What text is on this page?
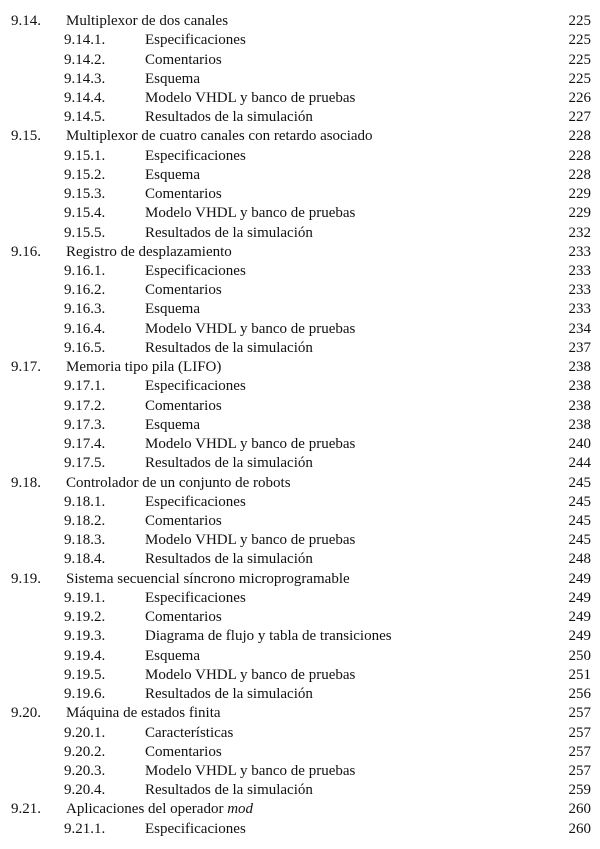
9.14. Multiplexor de dos canales	225
9.14.1.	Especificaciones	225
9.14.2.	Comentarios	225
9.14.3.	Esquema	225
9.14.4.	Modelo VHDL y banco de pruebas	226
9.14.5.	Resultados de la simulación	227
9.15. Multiplexor de cuatro canales con retardo asociado	228
9.15.1.	Especificaciones	228
9.15.2.	Esquema	228
9.15.3.	Comentarios	229
9.15.4.	Modelo VHDL y banco de pruebas	229
9.15.5.	Resultados de la simulación	232
9.16. Registro de desplazamiento	233
9.16.1.	Especificaciones	233
9.16.2.	Comentarios	233
9.16.3.	Esquema	233
9.16.4.	Modelo VHDL y banco de pruebas	234
9.16.5.	Resultados de la simulación	237
9.17. Memoria tipo pila (LIFO)	238
9.17.1.	Especificaciones	238
9.17.2.	Comentarios	238
9.17.3.	Esquema	238
9.17.4.	Modelo VHDL y banco de pruebas	240
9.17.5.	Resultados de la simulación	244
9.18. Controlador de un conjunto de robots	245
9.18.1.	Especificaciones	245
9.18.2.	Comentarios	245
9.18.3.	Modelo VHDL y banco de pruebas	245
9.18.4.	Resultados de la simulación	248
9.19. Sistema secuencial síncrono microprogramable	249
9.19.1.	Especificaciones	249
9.19.2.	Comentarios	249
9.19.3.	Diagrama de flujo y tabla de transiciones	249
9.19.4.	Esquema	250
9.19.5.	Modelo VHDL y banco de pruebas	251
9.19.6.	Resultados de la simulación	256
9.20. Máquina de estados finita	257
9.20.1.	Características	257
9.20.2.	Comentarios	257
9.20.3.	Modelo VHDL y banco de pruebas	257
9.20.4.	Resultados de la simulación	259
9.21. Aplicaciones del operador mod	260
9.21.1.	Especificaciones	260
